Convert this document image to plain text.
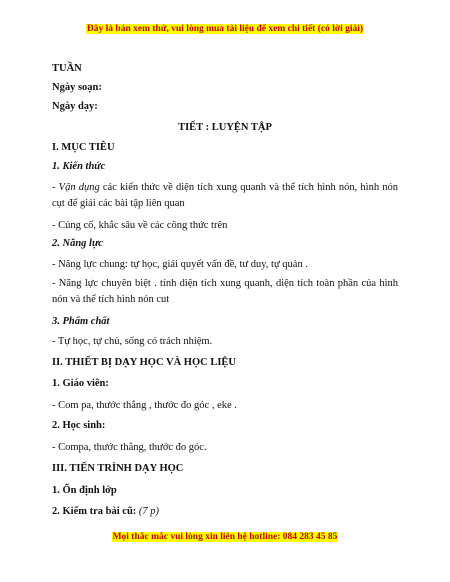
Đây là bản xem thử, vui lòng mua tài liệu để xem chi tiết (có lời giải)
TUẦN
Ngày soạn:
Ngày dạy:
TIẾT : LUYỆN TẬP
I. MỤC TIÊU
1. Kiến thức
- Vận dụng các kiến thức về diện tích xung quanh và thể tích hình nón, hình nón cụt để giải các bài tập liên quan
- Củng cố, khắc sâu về các công thức trên
2. Năng lực
- Năng lực chung: tự học, giải quyết vấn đề, tư duy, tự quản .
- Năng lực chuyên biệt . tính diện tích xung quanh, diện tích toàn phần của hình nón và thể tích hình nón cut
3. Phẩm chất
- Tự học, tự chủ, sống có trách nhiệm.
II. THIẾT BỊ DẠY HỌC VÀ HỌC LIỆU
1. Giáo viên:
- Com pa, thước thẳng , thước đo góc , eke .
2. Học sinh:
- Compa, thước thẳng, thước đo góc.
III. TIẾN TRÌNH DẠY HỌC
1. Ổn định lớp
2. Kiểm tra bài cũ: (7 p)
Mọi thắc mắc vui lòng xin liên hệ hotline: 084 283 45 85
